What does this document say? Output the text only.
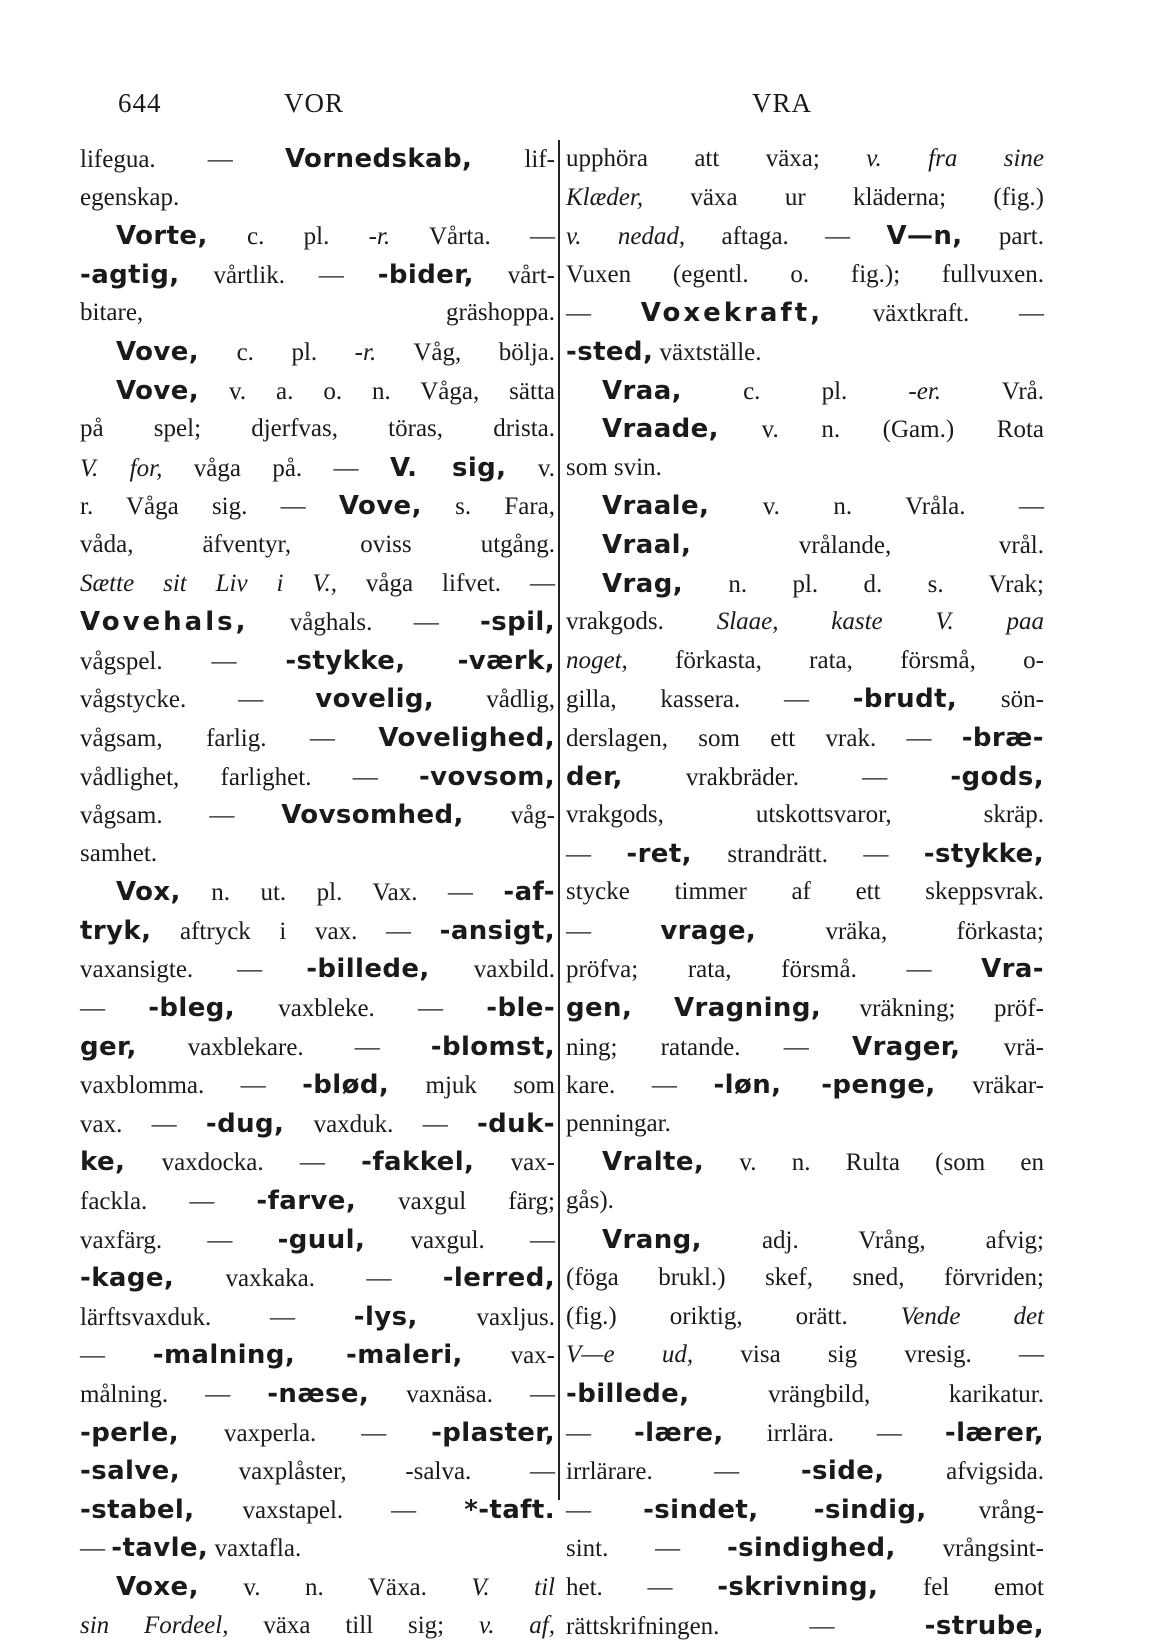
644	VOR	VRA
lifegua. — Vornedskab, lif-
egenskap.
Vorte, c. pl. -r. Vårta. —
-agtig, vårtlik. — -bider, vårt-
bitare, gräshoppa.
Vove, c. pl. -r. Våg, bölja.
Vove, v. a. o. n. Våga, sätta
på spel; djerfvas, töras, drista.
V. for, våga på. — V. sig, v.
r. Våga sig. — Vove, s. Fara,
våda, äfventyr, oviss utgång.
Sætte sit Liv i V., våga lifvet. —
Vovehals, våghals. — -spil,
vågspel. — -stykke, -værk,
vågstycke. — vovelig, vådlig,
vågsam, farlig. — Vovelighed,
vådlighet, farlighet. — -vovsom,
vågsam. — Vovsomhed, våg-
samhet.
Vox, n. ut. pl. Vax. — -af-
tryk, aftryck i vax. — -ansigt,
vaxansigte. — -billede, vaxbild.
— -bleg, vaxbleke. — -ble-
ger, vaxblekare. — -blomst,
vaxblomma. — -blød, mjuk som
vax. — -dug, vaxduk. — -duk-
ke, vaxdocka. — -fakkel, vax-
fackla. — -farve, vaxgul färg;
vaxfärg. — -guul, vaxgul. —
-kage, vaxkaka. — -lerred,
lärftsvaxduk. — -lys, vaxljus.
— -malning, -maleri, vax-
målning. — -næse, vaxnäsa. —
-perle, vaxperla. — -plaster,
-salve, vaxplåster, -salva. —
-stabel, vaxstapel. — *-taft.
— -tavle, vaxtafla.
Voxe, v. n. Växa. V. til
sin Fordeel, växa till sig; v. af,
upphöra att växa; v. fra sine
Klæder, växa ur kläderna; (fig.)
v. nedad, aftaga. — V—n, part.
Vuxen (egentl. o. fig.); fullvuxen.
— Voxekraft, växtkraft. —
-sted, växtställe.
Vraa, c. pl. -er. Vrå.
Vraade, v. n. (Gam.) Rota
som svin.
Vraale, v. n. Vråla. —
Vraal, vrålande, vrål.
Vrag, n. pl. d. s. Vrak;
vrakgods. Slaae, kaste V. paa
noget, förkasta, rata, försmå, o-
gilla, kassera. — -brudt, sön-
derslagen, som ett vrak. — -bræ-
der, vrakbräder. — -gods,
vrakgods, utskottsvaror, skräp.
— -ret, strandrätt. — -stykke,
stycke timmer af ett skeppsvrak.
— vrage, vräka, förkasta;
pröfva; rata, försmå. — Vra-
gen, Vragning, vräkning; pröf-
ning; ratande. — Vrager, vrä-
kare. — -løn, -penge, vräkar-
penningar.
Vralte, v. n. Rulta (som en
gås).
Vrang, adj. Vrång, afvig;
(föga brukl.) skef, sned, förvriden;
(fig.) oriktig, orätt. Vende det
V—e ud, visa sig vresig. —
-billede, vrängbild, karikatur.
— -lære, irrlära. — -lærer,
irrlärare. — -side, afvigsida.
— -sindet, -sindig, vrång-
sint. — -sindighed, vrångsint-
het. — -skrivning, fel emot
rättskrifningen. — -strube,
